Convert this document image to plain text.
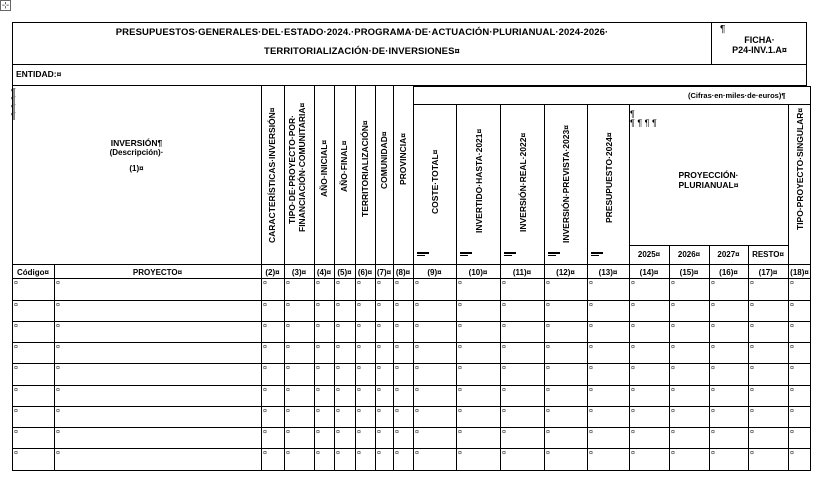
⊹
PRESUPUESTOS·GENERALES·DEL·ESTADO·2024.·PROGRAMA·DE·ACTUACIÓN·PLURIANUAL·2024-2026·
TERRITORIALIZACIÓN·DE·INVERSIONES¤
¶
FICHA·
P24-INV.1.A¤
ENTIDAD:¤
¶
¶
¶
¶
INVERSIÓN¶
(Descripción)·
(1)¤	CARACTERÍSTICAS·INVERSIÓN¤ TIPO·DE·PROYECTO·POR· FINANCIACIÓN·COMUNITARIA¤ AÑO·INICIAL¤ AÑO·FINAL¤ TERRITORIALIZACIÓN¤ COMUNIDAD¤ PROVINCIA¤
(Cifras·en·miles·de·euros)¶
COSTE·TOTAL¤	INVERTIDO·HASTA·2021¤	INVERSIÓN·REAL·2022¤	INVERSIÓN·PREVISTA·2023¤	PRESUPUESTO·2024¤
¶
¶ ¶ ¶ ¶
PROYECCIÓN·
PLURIANUAL¤
2025¤	2026¤	2027¤	RESTO¤
TIPO·PROYECTO·SINGULAR¤
Código¤	PROYECTO¤	(2)¤	(3)¤	(4)¤ (5)¤ (6)¤ (7)¤ (8)¤	(9)¤	(10)¤	(11)¤	(12)¤	(13)¤	(14)¤	(15)¤	(16)¤	(17)¤	(18)¤
¤	¤	¤	¤	¤ ¤ ¤ ¤ ¤ ¤	¤	¤	¤	¤	¤	¤	¤	¤	¤
¤	¤	¤	¤	¤ ¤ ¤ ¤ ¤ ¤	¤	¤	¤	¤	¤	¤	¤	¤	¤
¤	¤	¤	¤	¤ ¤ ¤ ¤ ¤ ¤	¤	¤	¤	¤	¤	¤	¤	¤	¤
¤	¤	¤	¤	¤ ¤ ¤ ¤ ¤ ¤	¤	¤	¤	¤	¤	¤	¤	¤	¤
¤	¤	¤	¤	¤ ¤ ¤ ¤ ¤ ¤	¤	¤	¤	¤	¤	¤	¤	¤	¤
¤	¤	¤	¤	¤ ¤ ¤ ¤ ¤ ¤	¤	¤	¤	¤	¤	¤	¤	¤	¤
¤	¤	¤	¤	¤ ¤ ¤ ¤ ¤ ¤	¤	¤	¤	¤	¤	¤	¤	¤	¤
¤	¤	¤	¤	¤ ¤ ¤ ¤ ¤ ¤	¤	¤	¤	¤	¤	¤	¤	¤	¤
¤	¤	¤	¤	¤ ¤ ¤ ¤ ¤ ¤	¤	¤	¤	¤	¤	¤	¤	¤	¤
